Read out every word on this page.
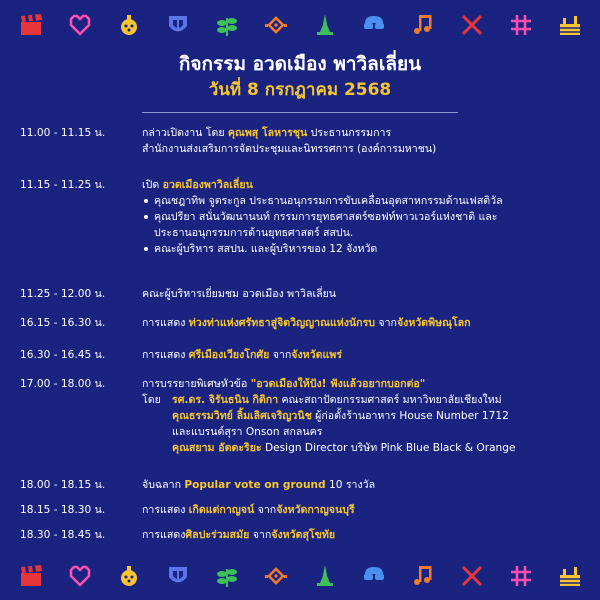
กิจกรรม อวดเมือง พาวิลเลี่ยน
วันที่ 8 กรกฎาคม 2568
11.00 - 11.15 น.	กล่าวเปิดงาน โดย คุณพสุ โลหารชุน ประธานกรรมการ
สำนักงานส่งเสริมการจัดประชุมและนิทรรศการ (องค์การมหาชน)
11.15 - 11.25 น.	เปิด อวดเมืองพาวิลเลี่ยน
คุณชฎาทิพ จูตระกูล ประธานอนุกรรมการขับเคลื่อนอุตสาหกรรมด้านเฟสติวัล
คุณปรียา สนั่นวัฒนานนท์ กรรมการยุทธศาสตร์ซอฟท์พาวเวอร์แห่งชาติ และ
ประธานอนุกรรมการด้านยุทธศาสตร์ สสปน.
คณะผู้บริหาร สสปน. และผู้บริหารของ 12 จังหวัด
11.25 - 12.00 น.	คณะผู้บริหารเยี่ยมชม อวดเมือง พาวิลเลี่ยน
16.15 - 16.30 น.	การแสดง ท่วงท่าแห่งศรัทธาสู่จิตวิญญาณแห่งนักรบ จากจังหวัดพิษณุโลก
16.30 - 16.45 น.	การแสดง ศรีเมืองเวียงโกศัย จากจังหวัดแพร่
17.00 - 18.00 น.	การบรรยายพิเศษหัวข้อ "อวดเมืองให้ปัง! ฟังแล้วอยากบอกต่อ"
โดย รศ.ดร. จิรันธนิน กิติกา คณะสถาปัตยกรรมศาสตร์ มหาวิทยาลัยเชียงใหม่
คุณธรรมวิทย์ ลิ้มเลิศเจริญวนิช ผู้ก่อตั้งร้านอาหาร House Number 1712
และแบรนด์สุรา Onson สกลนคร
คุณสยาม อัตตะริยะ Design Director บริษัท Pink Blue Black & Orange
18.00 - 18.15 น.	จับฉลาก Popular vote on ground 10 รางวัล
18.15 - 18.30 น.	การแสดง เกิดแต่กาญจน์ จากจังหวัดกาญจนบุรี
18.30 - 18.45 น.	การแสดงศิลปะร่วมสมัย จากจังหวัดสุโขทัย
